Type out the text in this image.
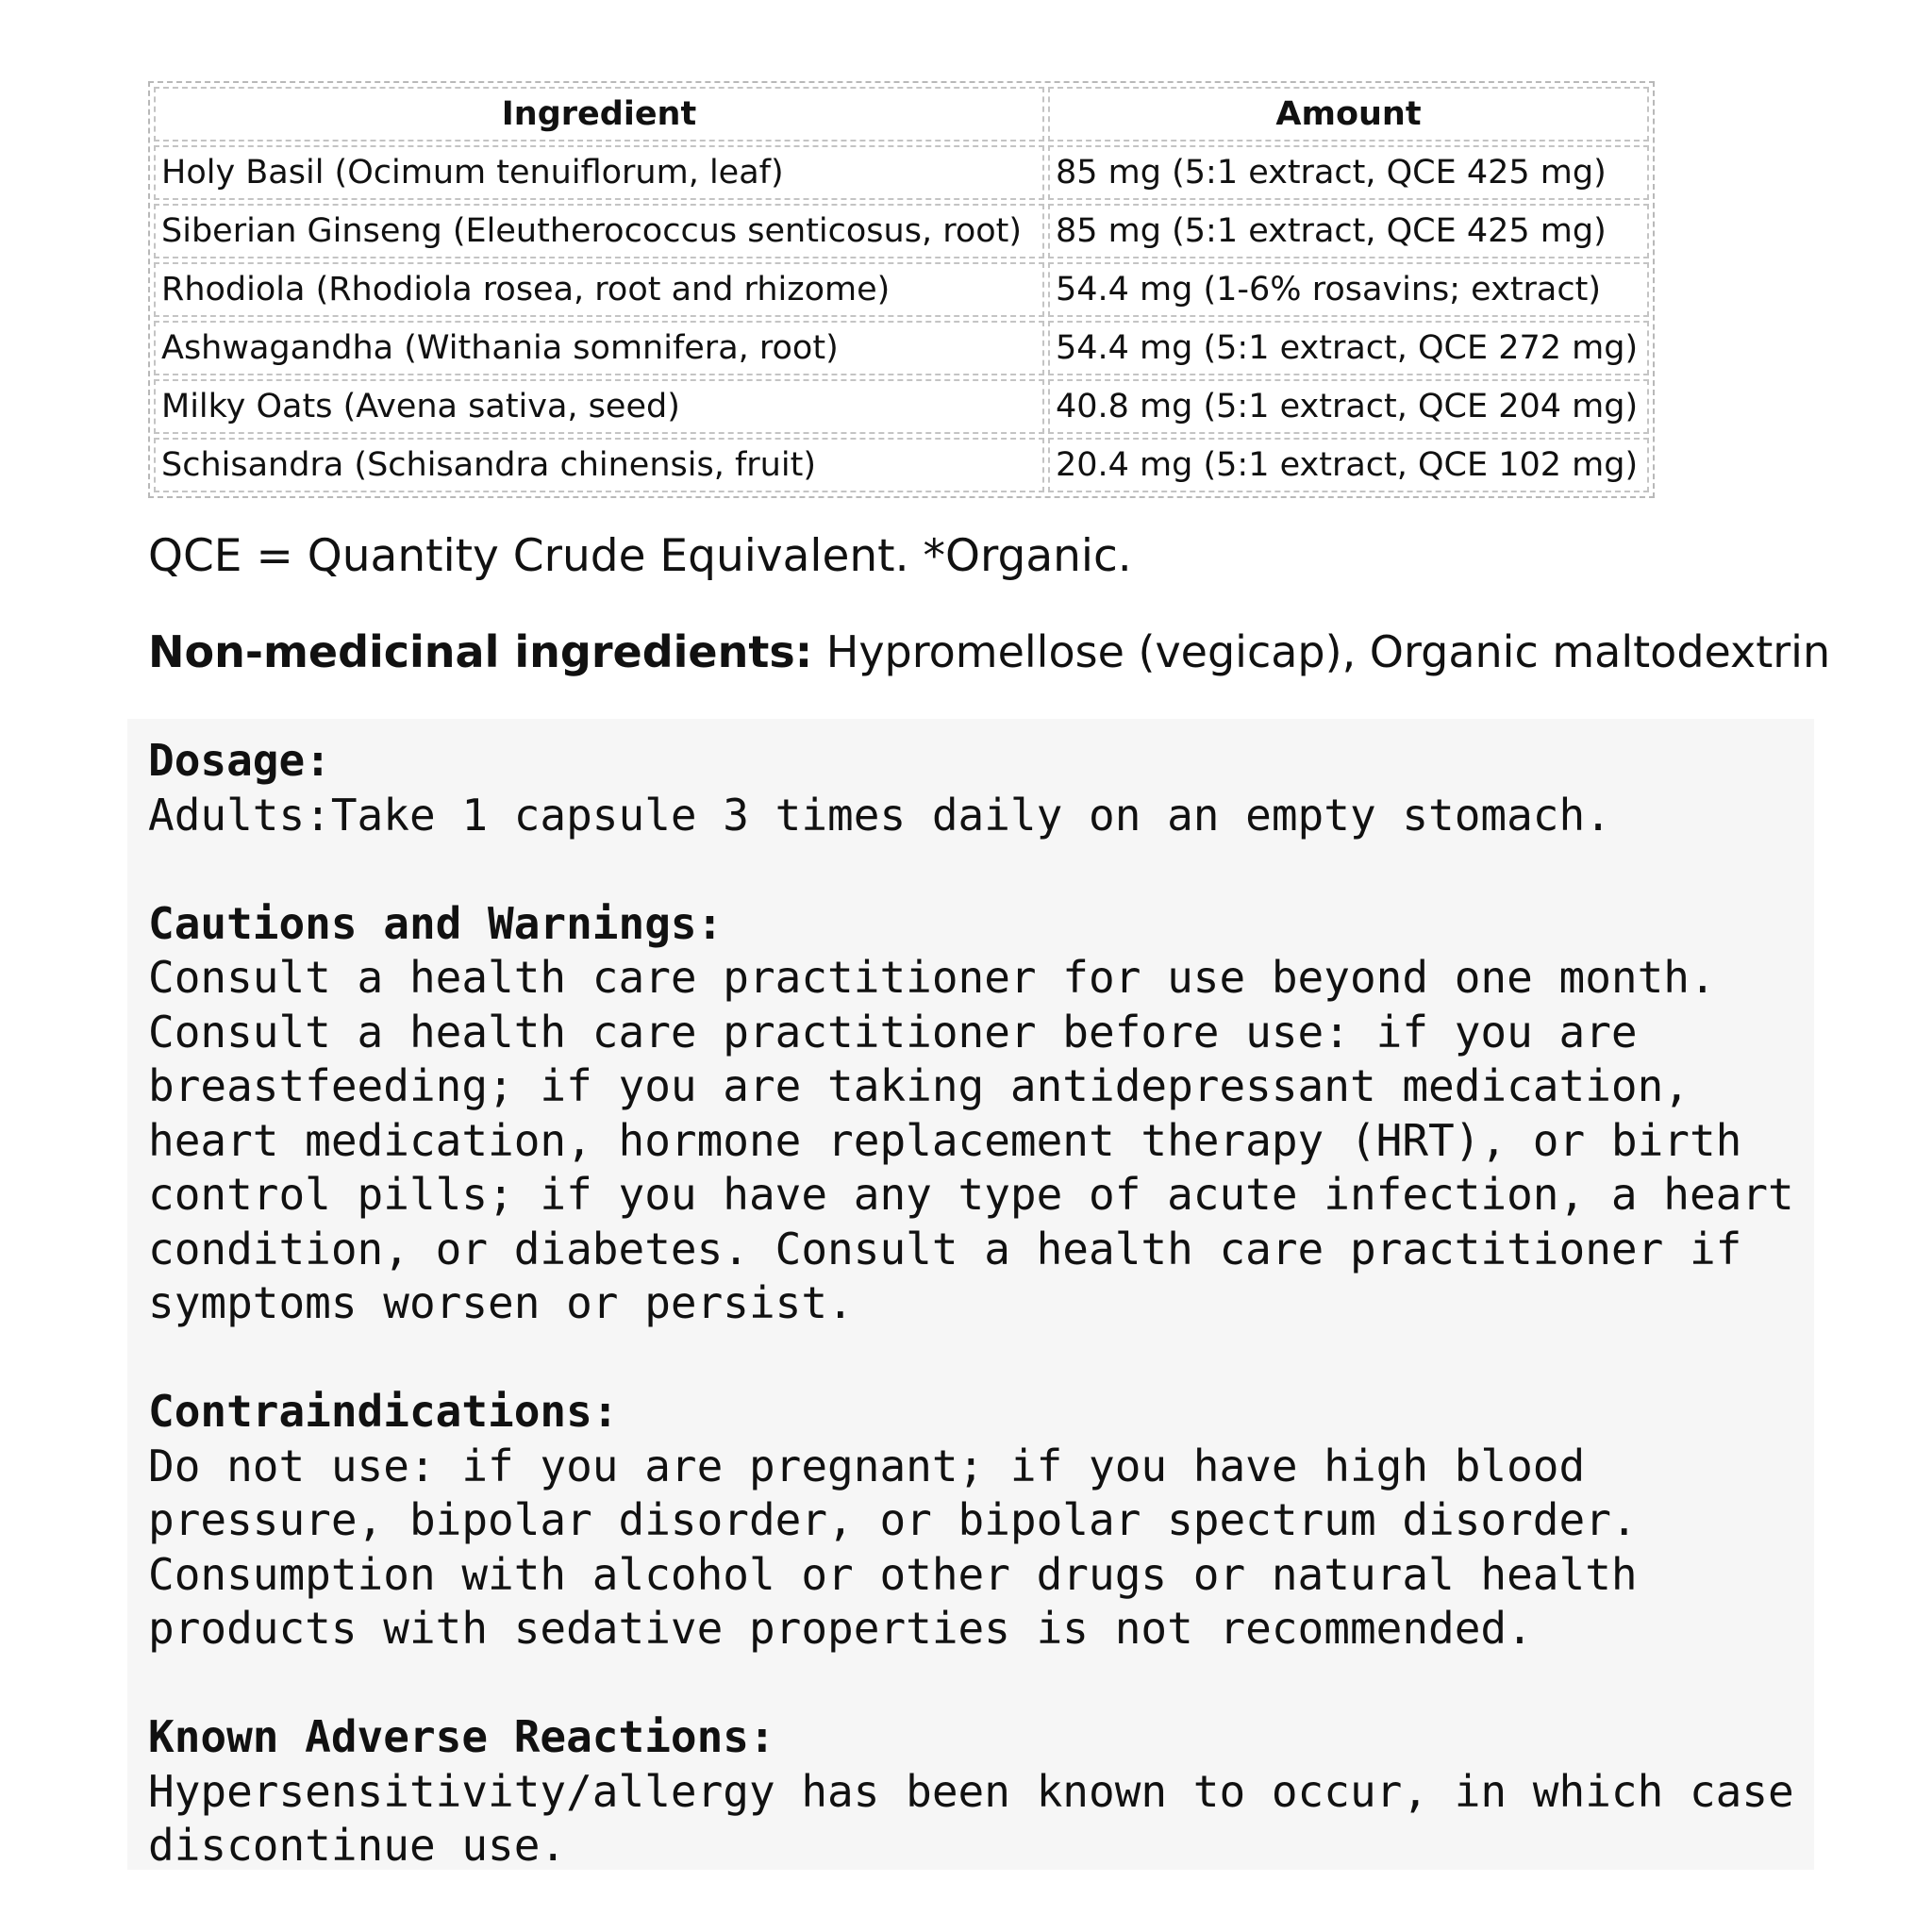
Ingredient	Amount
Holy Basil (Ocimum tenuiflorum, leaf)	85 mg (5:1 extract, QCE 425 mg)
Siberian Ginseng (Eleutherococcus senticosus, root)	85 mg (5:1 extract, QCE 425 mg)
Rhodiola (Rhodiola rosea, root and rhizome)	54.4 mg (1-6% rosavins; extract)
Ashwagandha (Withania somnifera, root)	54.4 mg (5:1 extract, QCE 272 mg)
Milky Oats (Avena sativa, seed)	40.8 mg (5:1 extract, QCE 204 mg)
Schisandra (Schisandra chinensis, fruit)	20.4 mg (5:1 extract, QCE 102 mg)

QCE = Quantity Crude Equivalent. *Organic.

Non-medicinal ingredients: Hypromellose (vegicap), Organic maltodextrin

Dosage:
Adults:Take 1 capsule 3 times daily on an empty stomach.
Cautions and Warnings:
Consult a health care practitioner for use beyond one month.
Consult a health care practitioner before use: if you are
breastfeeding; if you are taking antidepressant medication,
heart medication, hormone replacement therapy (HRT), or birth
control pills; if you have any type of acute infection, a heart
condition, or diabetes. Consult a health care practitioner if
symptoms worsen or persist.
Contraindications:
Do not use: if you are pregnant; if you have high blood
pressure, bipolar disorder, or bipolar spectrum disorder.
Consumption with alcohol or other drugs or natural health
products with sedative properties is not recommended.
Known Adverse Reactions:
Hypersensitivity/allergy has been known to occur, in which case
discontinue use.
